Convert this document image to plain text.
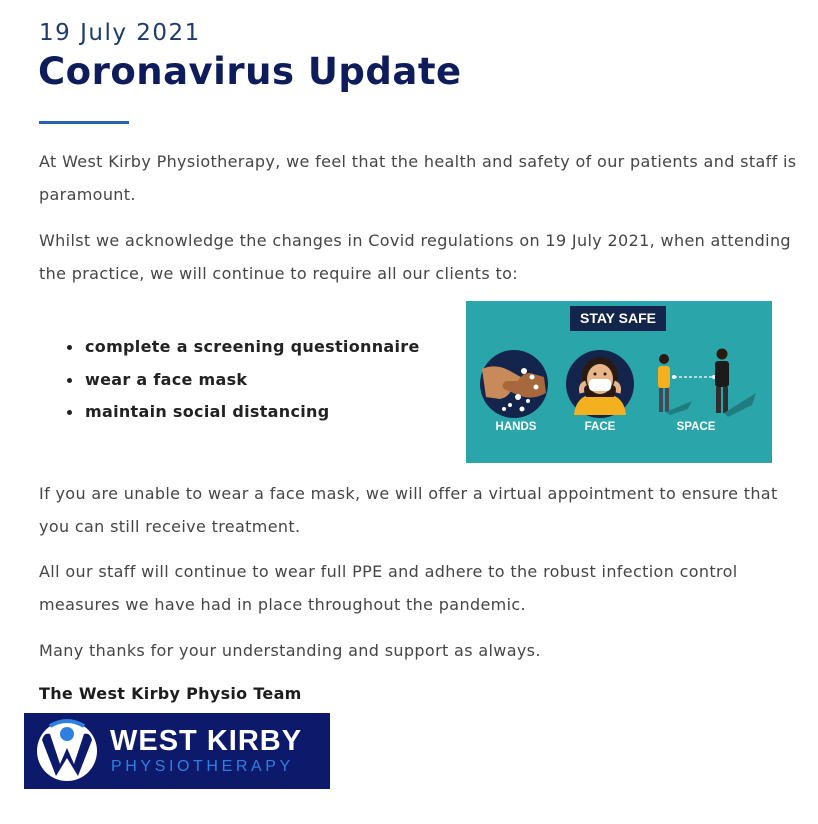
19 July 2021
Coronavirus Update

At West Kirby Physiotherapy, we feel that the health and safety of our patients and staff is paramount.

Whilst we acknowledge the changes in Covid regulations on 19 July 2021, when attending the practice, we will continue to require all our clients to:

complete a screening questionnaire
wear a face mask
maintain social distancing
STAY SAFE
HANDS	FACE	SPACE

If you are unable to wear a face mask, we will offer a virtual appointment to ensure that you can still receive treatment.

All our staff will continue to wear full PPE and adhere to the robust infection control measures we have had in place throughout the pandemic.

Many thanks for your understanding and support as always.

The West Kirby Physio Team
WEST KIRBY
PHYSIOTHERAPY
